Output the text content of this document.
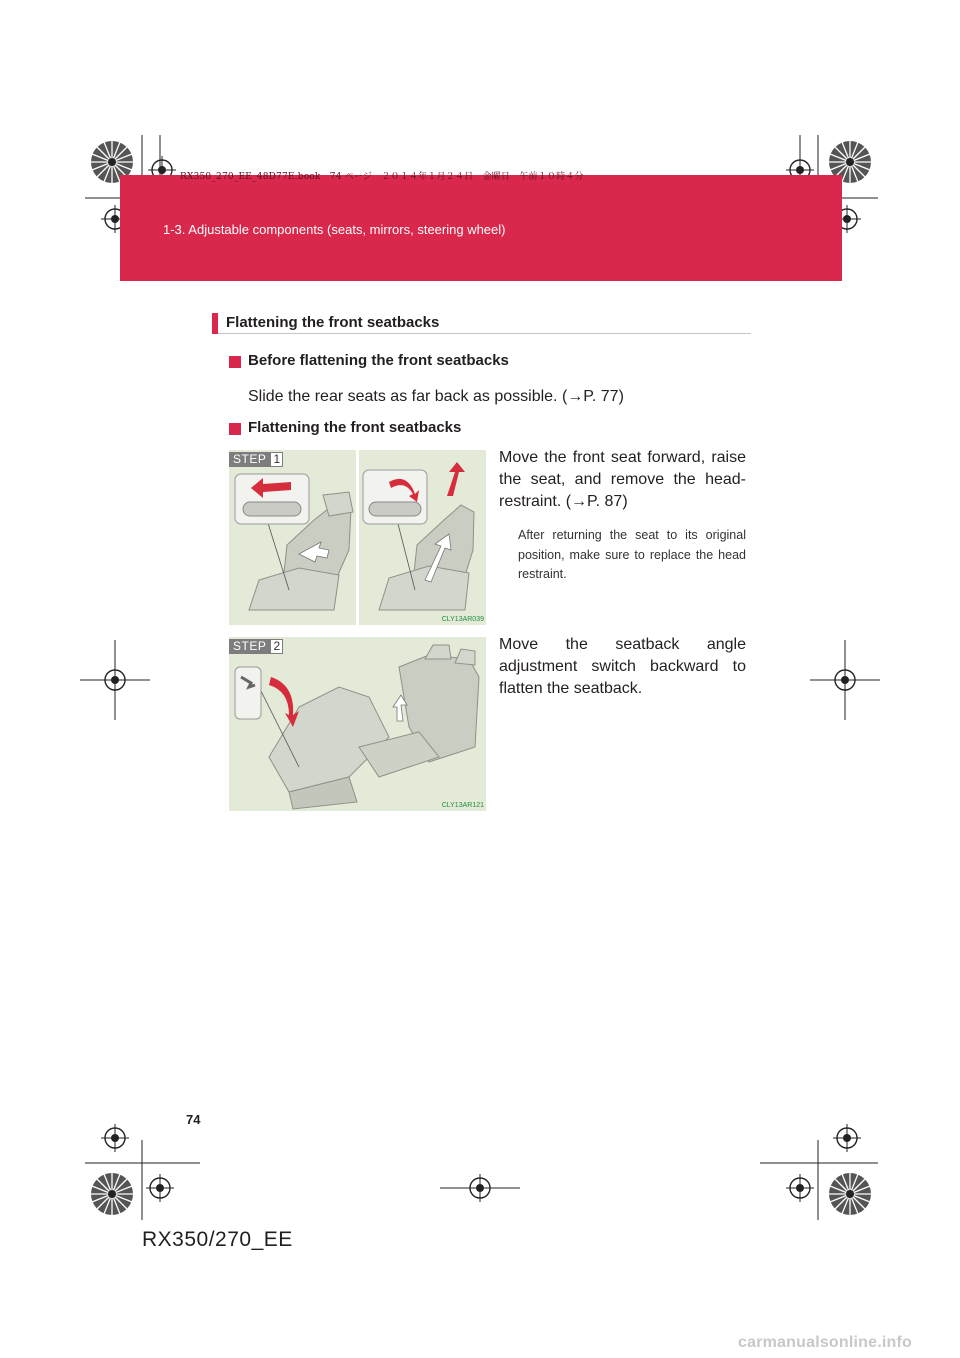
RX350_270_EE_48D77E.book　74 ページ　２０１４年１月２４日　金曜日　午前１０時４分
1-3. Adjustable components (seats, mirrors, steering wheel)
Flattening the front seatbacks
Before flattening the front seatbacks
Slide the rear seats as far back as possible. (→P. 77)
Flattening the front seatbacks
CLY13AR039
STEP 1	Move the front seat forward, raise the seat, and remove the head-restraint. (→P. 87)
After returning the seat to its original position, make sure to replace the head restraint.
CLY13AR121
STEP 2	Move the seatback angle adjustment switch backward to flatten the seatback.
74
RX350/270_EE
carmanualsonline.info
